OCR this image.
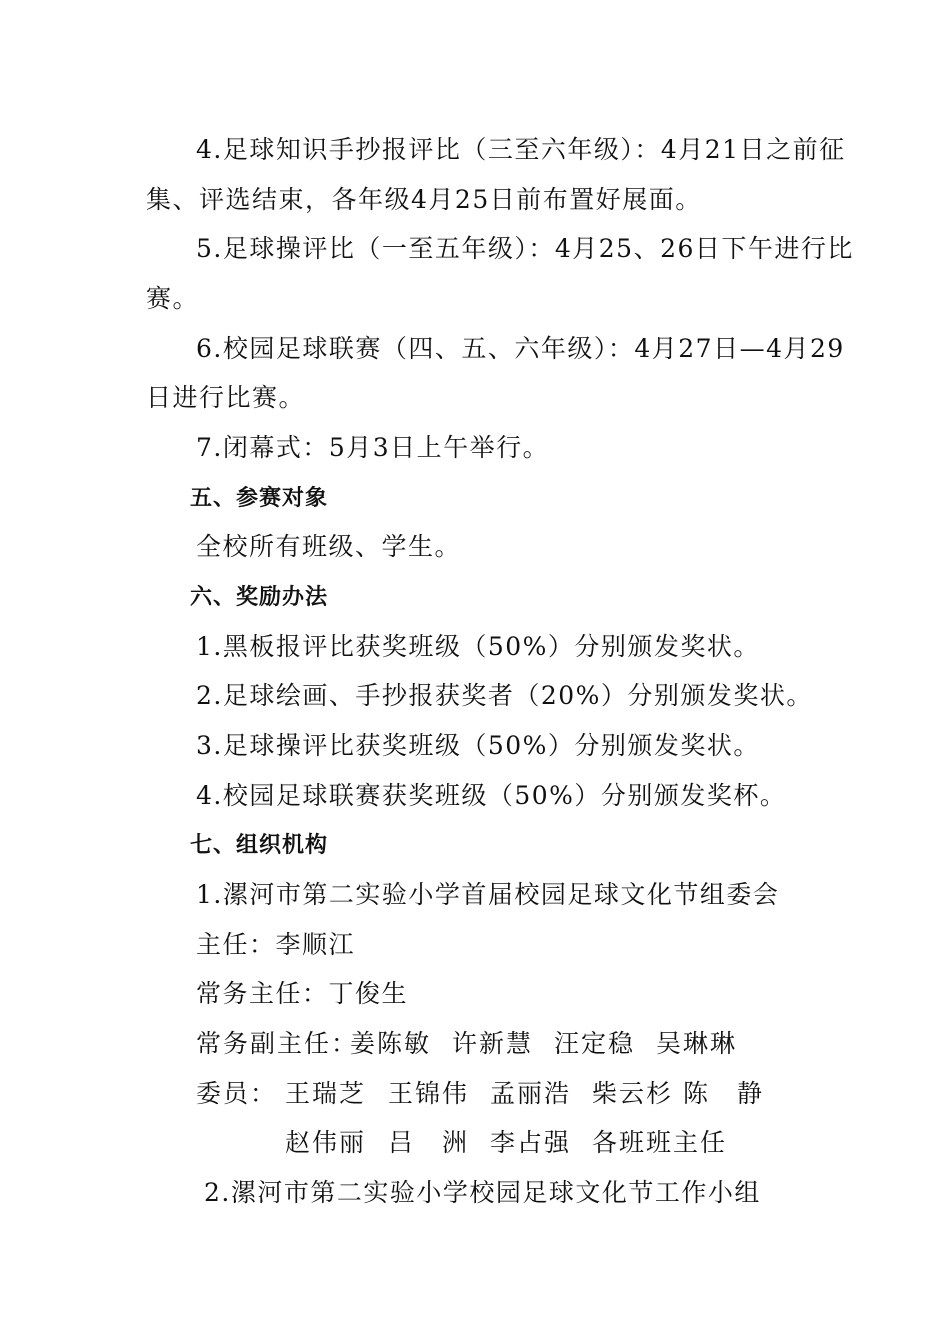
4.足球知识手抄报评比（三至六年级）：4月21日之前征
集、评选结束，各年级4月25日前布置好展面。
5.足球操评比（一至五年级）：4月25、26日下午进行比
赛。
6.校园足球联赛（四、五、六年级）：4月27日—4月29
日进行比赛。
7.闭幕式：5月3日上午举行。
五、参赛对象
全校所有班级、学生。
六、奖励办法
1.黑板报评比获奖班级（50%）分别颁发奖状。
2.足球绘画、手抄报获奖者（20%）分别颁发奖状。
3.足球操评比获奖班级（50%）分别颁发奖状。
4.校园足球联赛获奖班级（50%）分别颁发奖杯。
七、组织机构
1.漯河市第二实验小学首届校园足球文化节组委会
主任：李顺江
常务主任：丁俊生
常务副主任：
姜陈敏 许新慧 汪定稳 吴琳琳
委员： 王瑞芝 王锦伟 孟丽浩 柴云杉 陈　静
赵伟丽 吕　洲 李占强 各班班主任
2.漯河市第二实验小学校园足球文化节工作小组
